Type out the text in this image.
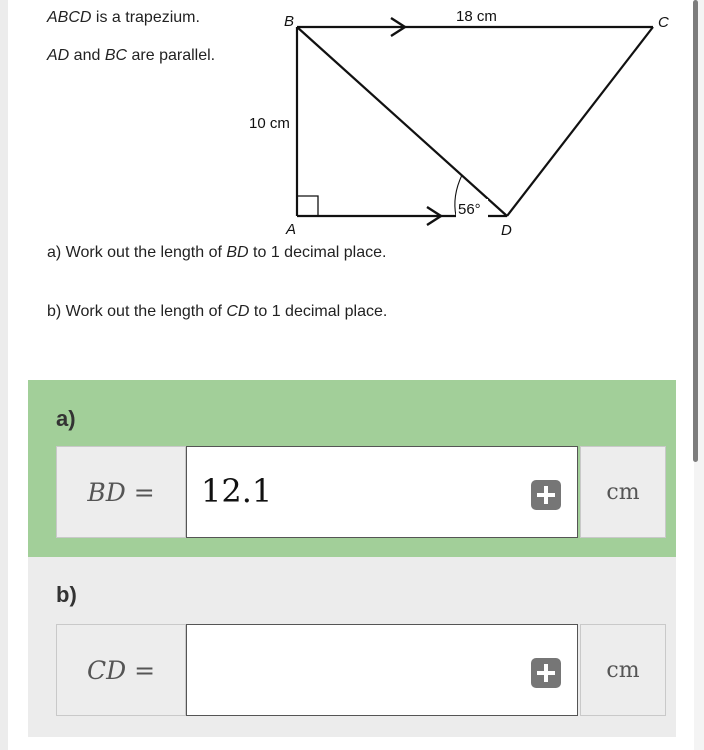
ABCD is a trapezium.
AD and BC are parallel.
56°
B	C
A	D
18 cm
10 cm
a) Work out the length of BD to 1 decimal place.
b) Work out the length of CD to 1 decimal place.
a)
BD =	12.1	cm
b)
CD =	cm
